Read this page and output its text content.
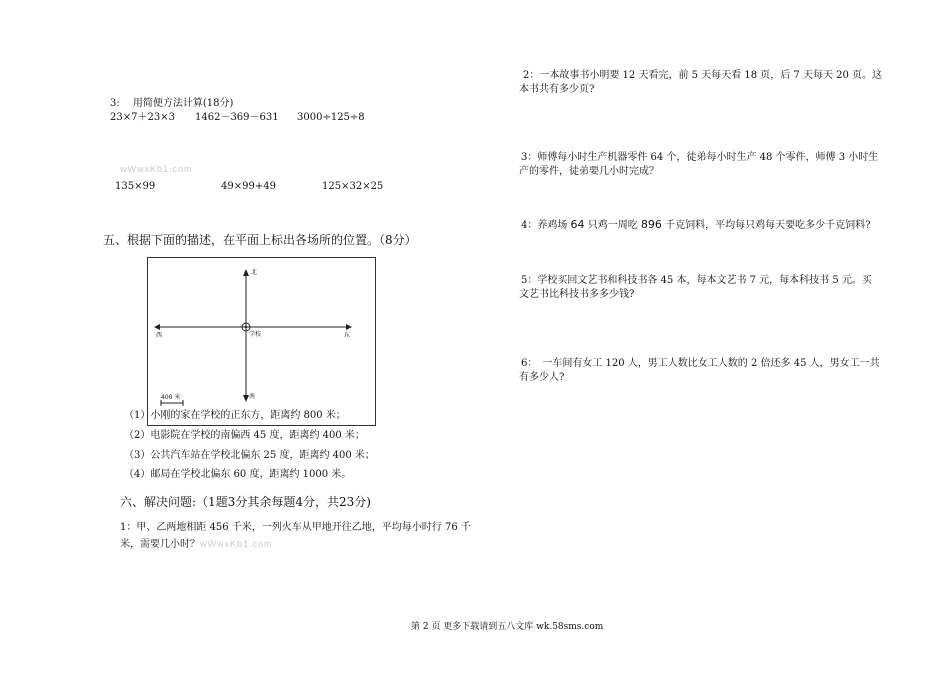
3:　 用简便方法计算(18分)
23×7＋23×3 1462－369－631 3000÷125÷8
wWwxKb1.com
135×99	49×99+49	125×32×25
五、根据下面的描述，在平面上标出各场所的位置。（8分）
北
西	东
学校
南
400 米
（1）小刚的家在学校的正东方，距离约 800 米；
（2）电影院在学校的南偏西 45 度，距离约 400 米；
（3）公共汽车站在学校北偏东 25 度，距离约 400 米；
（4）邮局在学校北偏东 60 度，距离约 1000 米。
六、解决问题:（1题3分其余每题4分，共23分)
1：甲、乙两地相距 456 千米，一列火车从甲地开往乙地，平均每小时行 76 千
米，需要几小时？ wWwxKb1.com
2：一本故事书小明要 12 天看完，前 5 天每天看 18 页，后 7 天每天 20 页。这
本书共有多少页?
3：师傅每小时生产机器零件 64 个，徒弟每小时生产 48 个零件，师傅 3 小时生
产的零件，徒弟要几小时完成？
4：养鸡场 64 只鸡一周吃 896 千克饲料，平均每只鸡每天要吃多少千克饲料?
5：学校买回文艺书和科技书各 45 本，每本文艺书 7 元，每本科技书 5 元。买
文艺书比科技书多多少钱?
6：　一车间有女工 120 人，男工人数比女工人数的 2 倍还多 45 人，男女工一共
有多少人?
第 2 页 更多下载请到五八文库 wk.58sms.com
